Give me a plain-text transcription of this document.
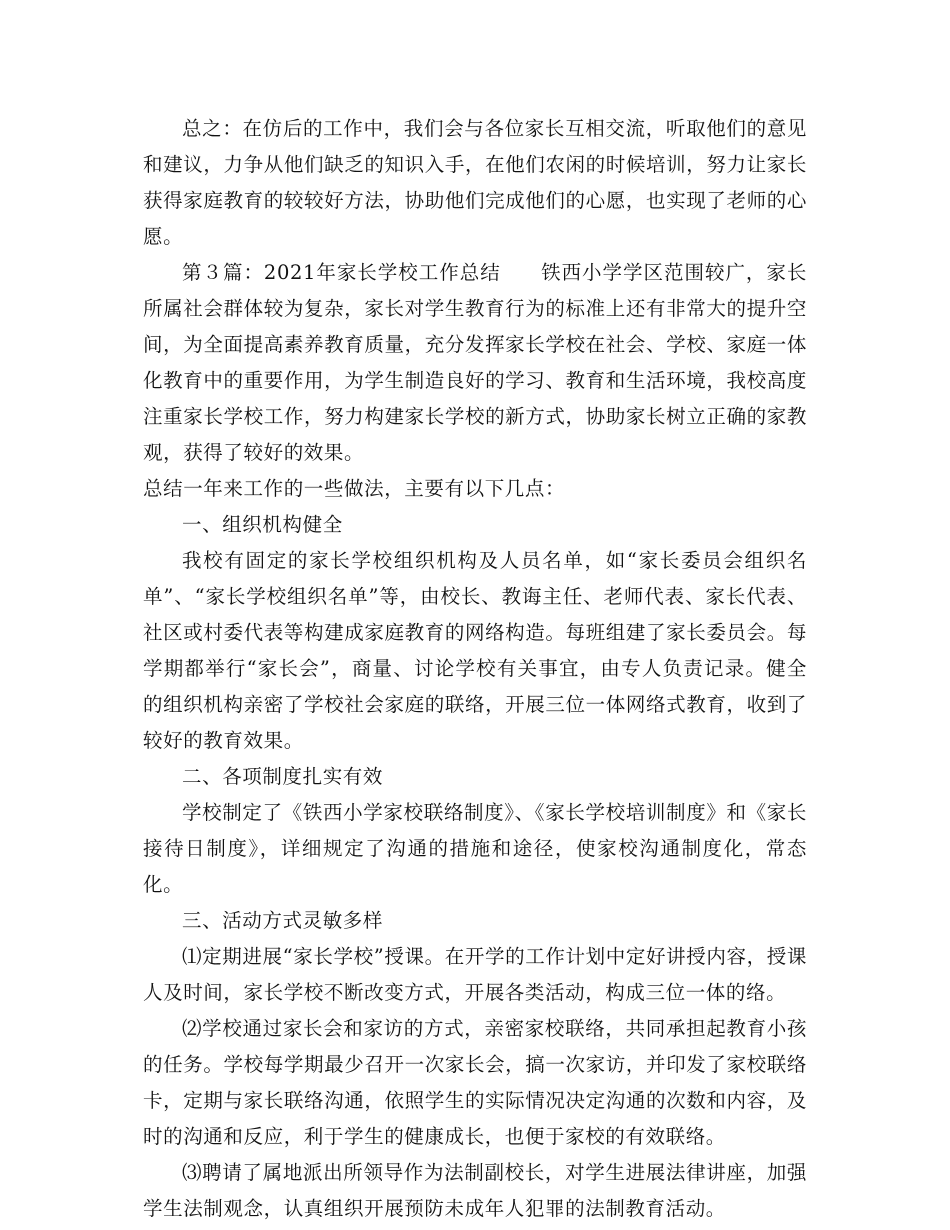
总之：在仿后的工作中，我们会与各位家长互相交流，听取他们的意见和建议，力争从他们缺乏的知识入手，在他们农闲的时候培训，努力让家长获得家庭教育的较较好方法，协助他们完成他们的心愿，也实现了老师的心愿。

第３篇：2021年家长学校工作总结 铁西小学学区范围较广，家长所属社会群体较为复杂，家长对学生教育行为的标准上还有非常大的提升空间，为全面提高素养教育质量，充分发挥家长学校在社会、学校、家庭一体化教育中的重要作用，为学生制造良好的学习、教育和生活环境，我校高度注重家长学校工作，努力构建家长学校的新方式，协助家长树立正确的家教观，获得了较好的效果。

总结一年来工作的一些做法，主要有以下几点：

一、组织机构健全

我校有固定的家长学校组织机构及人员名单，如“家长委员会组织名单”、“家长学校组织名单”等，由校长、教诲主任、老师代表、家长代表、社区或村委代表等构建成家庭教育的网络构造。每班组建了家长委员会。每学期都举行“家长会”，商量、讨论学校有关事宜，由专人负责记录。健全的组织机构亲密了学校社会家庭的联络，开展三位一体网络式教育，收到了较好的教育效果。

二、各项制度扎实有效

学校制定了《铁西小学家校联络制度》、《家长学校培训制度》和《家长接待日制度》，详细规定了沟通的措施和途径，使家校沟通制度化，常态化。

三、活动方式灵敏多样

⑴定期进展“家长学校”授课。在开学的工作计划中定好讲授内容，授课人及时间，家长学校不断改变方式，开展各类活动，构成三位一体的络。

⑵学校通过家长会和家访的方式，亲密家校联络，共同承担起教育小孩的任务。学校每学期最少召开一次家长会，搞一次家访，并印发了家校联络卡，定期与家长联络沟通，依照学生的实际情况决定沟通的次数和内容，及时的沟通和反应，利于学生的健康成长，也便于家校的有效联络。

⑶聘请了属地派出所领导作为法制副校长，对学生进展法律讲座，加强学生法制观念，认真组织开展预防未成年人犯罪的法制教育活动。
